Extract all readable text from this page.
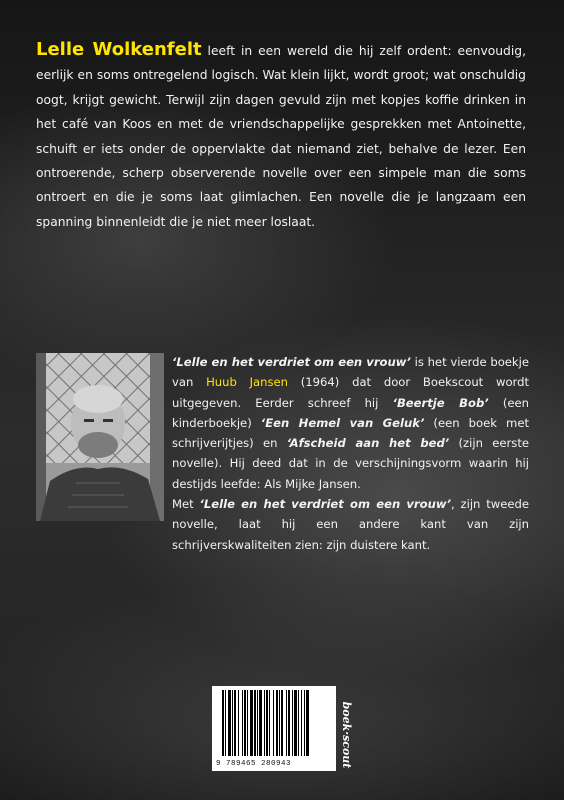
Lelle Wolkenfelt leeft in een wereld die hij zelf ordent: eenvoudig, eerlijk en soms ontregelend logisch. Wat klein lijkt, wordt groot; wat onschuldig oogt, krijgt gewicht. Terwijl zijn dagen gevuld zijn met kopjes koffie drinken in het café van Koos en met de vriendschappelijke gesprekken met Antoinette, schuift er iets onder de oppervlakte dat niemand ziet, behalve de lezer. Een ontroerende, scherp observerende novelle over een simpele man die soms ontroert en die je soms laat glimlachen. Een novelle die je langzaam een spanning binnenleidt die je niet meer loslaat.

‘Lelle en het verdriet om een vrouw’ is het vierde boekje van Huub Jansen (1964) dat door Boekscout wordt uitgegeven. Eerder schreef hij ‘Beertje Bob’ (een kinderboekje) ‘Een Hemel van Geluk’ (een boek met schrijverijtjes) en ‘Afscheid aan het bed’ (zijn eerste novelle). Hij deed dat in de verschijningsvorm waarin hij destijds leefde: Als Mijke Jansen.

Met ‘Lelle en het verdriet om een vrouw’, zijn tweede novelle, laat hij een andere kant van zijn schrijverskwaliteiten zien: zijn duistere kant.

9 789465 280943	boek·scout
